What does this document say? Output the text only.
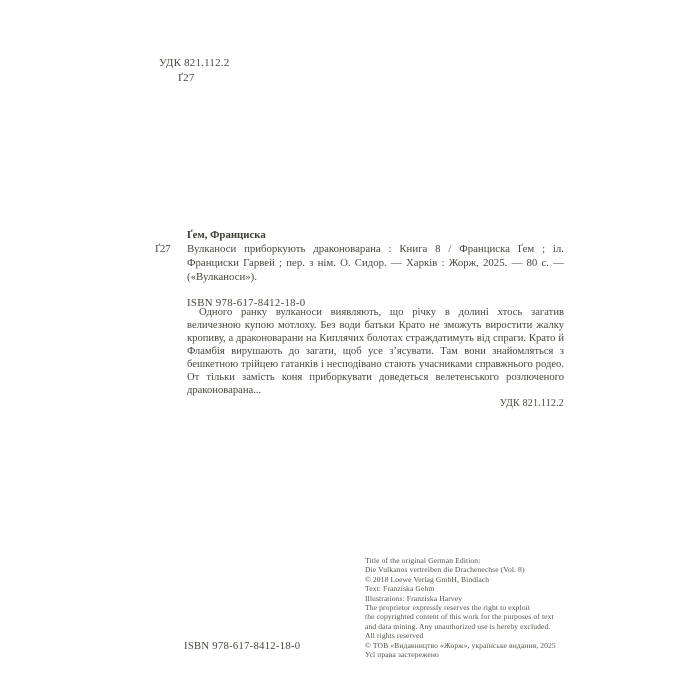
УДК 821.112.2
Ґ27
Ґем, Франциска
Ґ27 Вулканоси приборкують драконоварана : Книга 8 / Франциска Ґем ; іл. Франциски Гарвей ; пер. з нім. О. Сидор. — Харків : Жорж, 2025. — 80 с. — («Вулканоси»).
ISBN 978-617-8412-18-0
Одного ранку вулканоси виявляють, що річку в долині хтось загатив величезною купою мотлоху. Без води батьки Крато не зможуть виростити жалку кропиву, а драконоварани на Киплячих болотах страждатимуть від спраги. Крато й Фламбія вирушають до загати, щоб усе з’ясувати. Там вони знайомляться з бешкетною трійцею гатанків і несподівано стають учасниками справжнього родео. От тільки замість коня приборкувати доведеться велетенського розлюченого драконоварана...
УДК 821.112.2
Title of the original German Edition:
Die Vulkanos vertreiben die Drachenechse (Vol. 8)
© 2018 Loewe Verlag GmbH, Bindlach
Text: Franziska Gehm
Illustrations: Franziska Harvey
The proprietor expressly reserves the right to exploit
the copyrighted content of this work for the purposes of text
and data mining. Any unauthorized use is hereby excluded.
All rights reserved
© ТОВ «Видавництво «Жорж», українське видання, 2025
Усі права застережено
ISBN 978-617-8412-18-0
